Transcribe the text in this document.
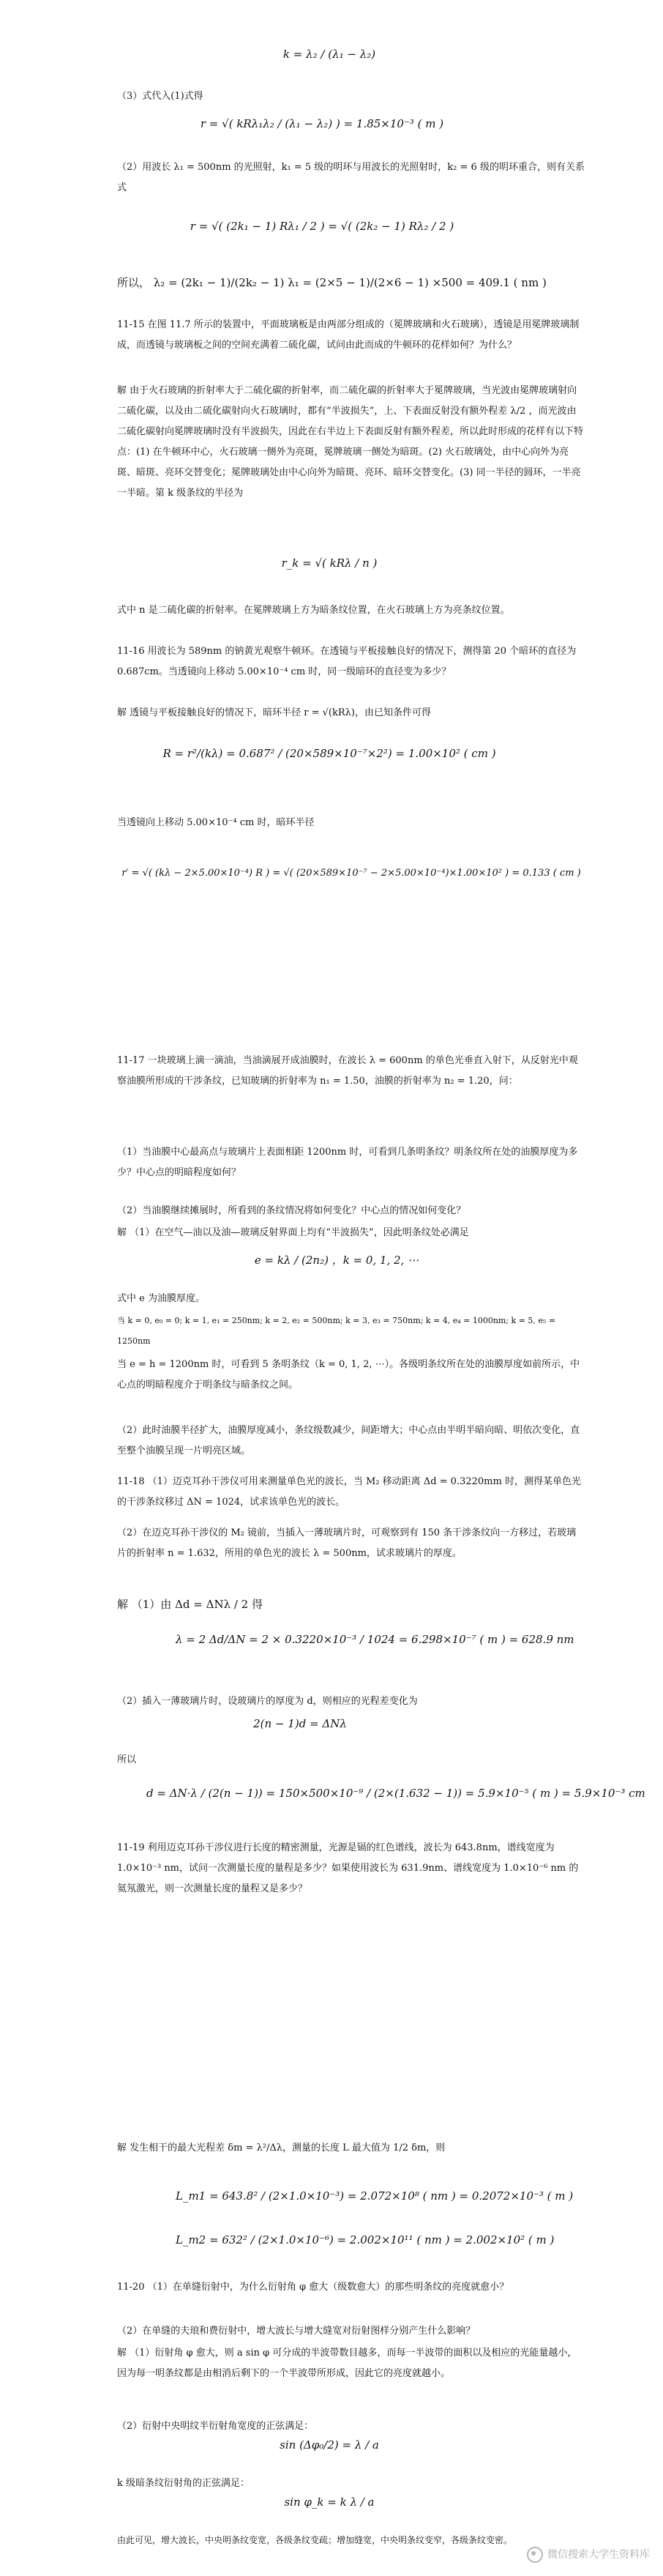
k = λ₂ / (λ₁ − λ₂)
（3）式代入(1)式得
r = √( kRλ₁λ₂ / (λ₁ − λ₂) ) = 1.85×10⁻³ ( m )
（2）用波长 λ₁ = 500nm 的光照射，k₁ = 5 级的明环与用波长的光照射时，k₂ = 6 级的明环重合，则有关系式
r = √( (2k₁ − 1) Rλ₁ / 2 ) = √( (2k₂ − 1) Rλ₂ / 2 )
所以， λ₂ = (2k₁ − 1)/(2k₂ − 1) λ₁ = (2×5 − 1)/(2×6 − 1) ×500 = 409.1 ( nm )
11-15 在图 11.7 所示的装置中，平面玻璃板是由两部分组成的（冕牌玻璃和火石玻璃），透镜是用冕牌玻璃制成，而透镜与玻璃板之间的空间充满着二硫化碳，试问由此而成的牛顿环的花样如何？为什么？
解 由于火石玻璃的折射率大于二硫化碳的折射率，而二硫化碳的折射率大于冕牌玻璃，当光波由冕牌玻璃射向二硫化碳，以及由二硫化碳射向火石玻璃时，都有“半波损失”，上、下表面反射没有额外程差 λ/2 ，而光波由二硫化碳射向冕牌玻璃时没有半波损失，因此在右半边上下表面反射有额外程差，所以此时形成的花样有以下特点：(1) 在牛顿环中心，火石玻璃一侧外为亮斑，冕牌玻璃一侧处为暗斑。(2) 火石玻璃处，由中心向外为亮斑、暗斑、亮环交替变化；冕牌玻璃处由中心向外为暗斑、亮环、暗环交替变化。(3) 同一半径的圆环，一半亮一半暗。第 k 级条纹的半径为
r_k = √( kRλ / n )
式中 n 是二硫化碳的折射率。在冕牌玻璃上方为暗条纹位置，在火石玻璃上方为亮条纹位置。
11-16 用波长为 589nm 的钠黄光观察牛顿环。在透镜与平板接触良好的情况下，测得第 20 个暗环的直径为 0.687cm。当透镜向上移动 5.00×10⁻⁴ cm 时，同一级暗环的直径变为多少？
解 透镜与平板接触良好的情况下，暗环半径 r = √(kRλ)，由已知条件可得
R = r²/(kλ) = 0.687² / (20×589×10⁻⁷×2²) = 1.00×10² ( cm )
当透镜向上移动 5.00×10⁻⁴ cm 时，暗环半径
r′ = √( (kλ − 2×5.00×10⁻⁴) R ) = √( (20×589×10⁻⁷ − 2×5.00×10⁻⁴)×1.00×10² ) = 0.133 ( cm )
11-17 一块玻璃上滴一滴油，当油滴展开成油膜时，在波长 λ = 600nm 的单色光垂直入射下，从反射光中观察油膜所形成的干涉条纹，已知玻璃的折射率为 n₁ = 1.50，油膜的折射率为 n₂ = 1.20，问：
（1）当油膜中心最高点与玻璃片上表面相距 1200nm 时，可看到几条明条纹？明条纹所在处的油膜厚度为多少？中心点的明暗程度如何？
（2）当油膜继续摊展时，所看到的条纹情况将如何变化？中心点的情况如何变化？
解 （1）在空气—油以及油—玻璃反射界面上均有“半波损失”，因此明条纹处必满足
e = kλ / (2n₂) ，k = 0, 1, 2, ⋯
式中 e 为油膜厚度。
当 k = 0, e₀ = 0; k = 1, e₁ = 250nm; k = 2, e₂ = 500nm; k = 3, e₃ = 750nm; k = 4, e₄ = 1000nm; k = 5, e₅ = 1250nm
当 e = h = 1200nm 时，可看到 5 条明条纹（k = 0, 1, 2, ⋯）。各级明条纹所在处的油膜厚度如前所示，中心点的明暗程度介于明条纹与暗条纹之间。
（2）此时油膜半径扩大，油膜厚度减小，条纹级数减少，间距增大；中心点由半明半暗向暗、明依次变化，直至整个油膜呈现一片明亮区域。
11-18 （1）迈克耳孙干涉仪可用来测量单色光的波长，当 M₂ 移动距离 Δd = 0.3220mm 时，测得某单色光的干涉条纹移过 ΔN = 1024，试求该单色光的波长。
（2）在迈克耳孙干涉仪的 M₂ 镜前，当插入一薄玻璃片时，可观察到有 150 条干涉条纹向一方移过，若玻璃片的折射率 n = 1.632，所用的单色光的波长 λ = 500nm，试求玻璃片的厚度。
解 （1）由 Δd = ΔNλ / 2 得
λ = 2 Δd/ΔN = 2 × 0.3220×10⁻³ / 1024 = 6.298×10⁻⁷ ( m ) = 628.9 nm
（2）插入一薄玻璃片时，设玻璃片的厚度为 d，则相应的光程差变化为
2(n − 1)d = ΔNλ
所以
d = ΔN·λ / (2(n − 1)) = 150×500×10⁻⁹ / (2×(1.632 − 1)) = 5.9×10⁻⁵ ( m ) = 5.9×10⁻³ cm
11-19 利用迈克耳孙干涉仪进行长度的精密测量，光源是镉的红色谱线，波长为 643.8nm，谱线宽度为 1.0×10⁻³ nm，试问一次测量长度的量程是多少？如果使用波长为 631.9nm、谱线宽度为 1.0×10⁻⁶ nm 的氦氖激光，则一次测量长度的量程又是多少？
解 发生相干的最大光程差 δm = λ²/Δλ，测量的长度 L 最大值为 1/2 δm，则
L_m1 = 643.8² / (2×1.0×10⁻³) = 2.072×10⁸ ( nm ) = 0.2072×10⁻³ ( m )
L_m2 = 632² / (2×1.0×10⁻⁶) = 2.002×10¹¹ ( nm ) = 2.002×10² ( m )
11-20 （1）在单缝衍射中，为什么衍射角 φ 愈大（级数愈大）的那些明条纹的亮度就愈小？
（2）在单缝的夫琅和费衍射中，增大波长与增大缝宽对衍射图样分别产生什么影响？
解 （1）衍射角 φ 愈大，则 a sin φ 可分成的半波带数目越多，而每一半波带的面积以及相应的光能量越小，因为每一明条纹都是由相消后剩下的一个半波带所形成，因此它的亮度就越小。
（2）衍射中央明纹半衍射角宽度的正弦满足：
sin (Δφ₀/2) = λ / a
k 级暗条纹衍射角的正弦满足：
sin φ_k = k λ / a
由此可见，增大波长，中央明条纹变宽，各级条纹变疏；增加缝宽，中央明条纹变窄，各级条纹变密。
微信搜索大学生资料库
